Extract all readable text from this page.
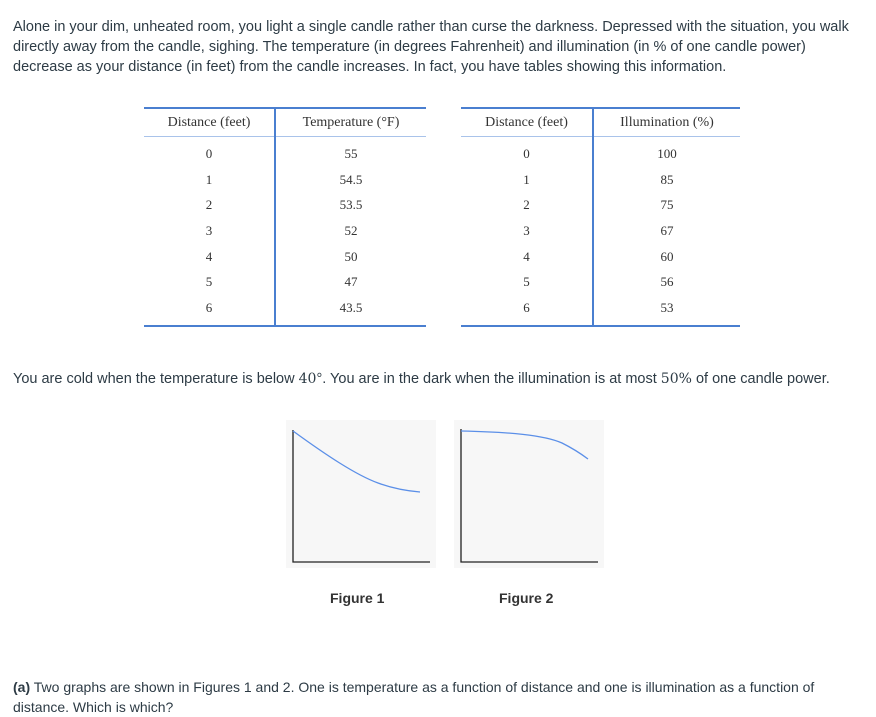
Alone in your dim, unheated room, you light a single candle rather than curse the darkness. Depressed with the situation, you walk directly away from the candle, sighing. The temperature (in degrees Fahrenheit) and illumination (in % of one candle power) decrease as your distance (in feet) from the candle increases. In fact, you have tables showing this information.

Distance (feet)	Temperature (°F)
0	55
1	54.5
2	53.5
3	52
4	50
5	47
6	43.5
Distance (feet)	Illumination (%)
0	100
1	85
2	75
3	67
4	60
5	56
6	53

You are cold when the temperature is below 40°. You are in the dark when the illumination is at most 50% of one candle power.

Figure 1	Figure 2

(a) Two graphs are shown in Figures 1 and 2. One is temperature as a function of distance and one is illumination as a function of distance. Which is which?
